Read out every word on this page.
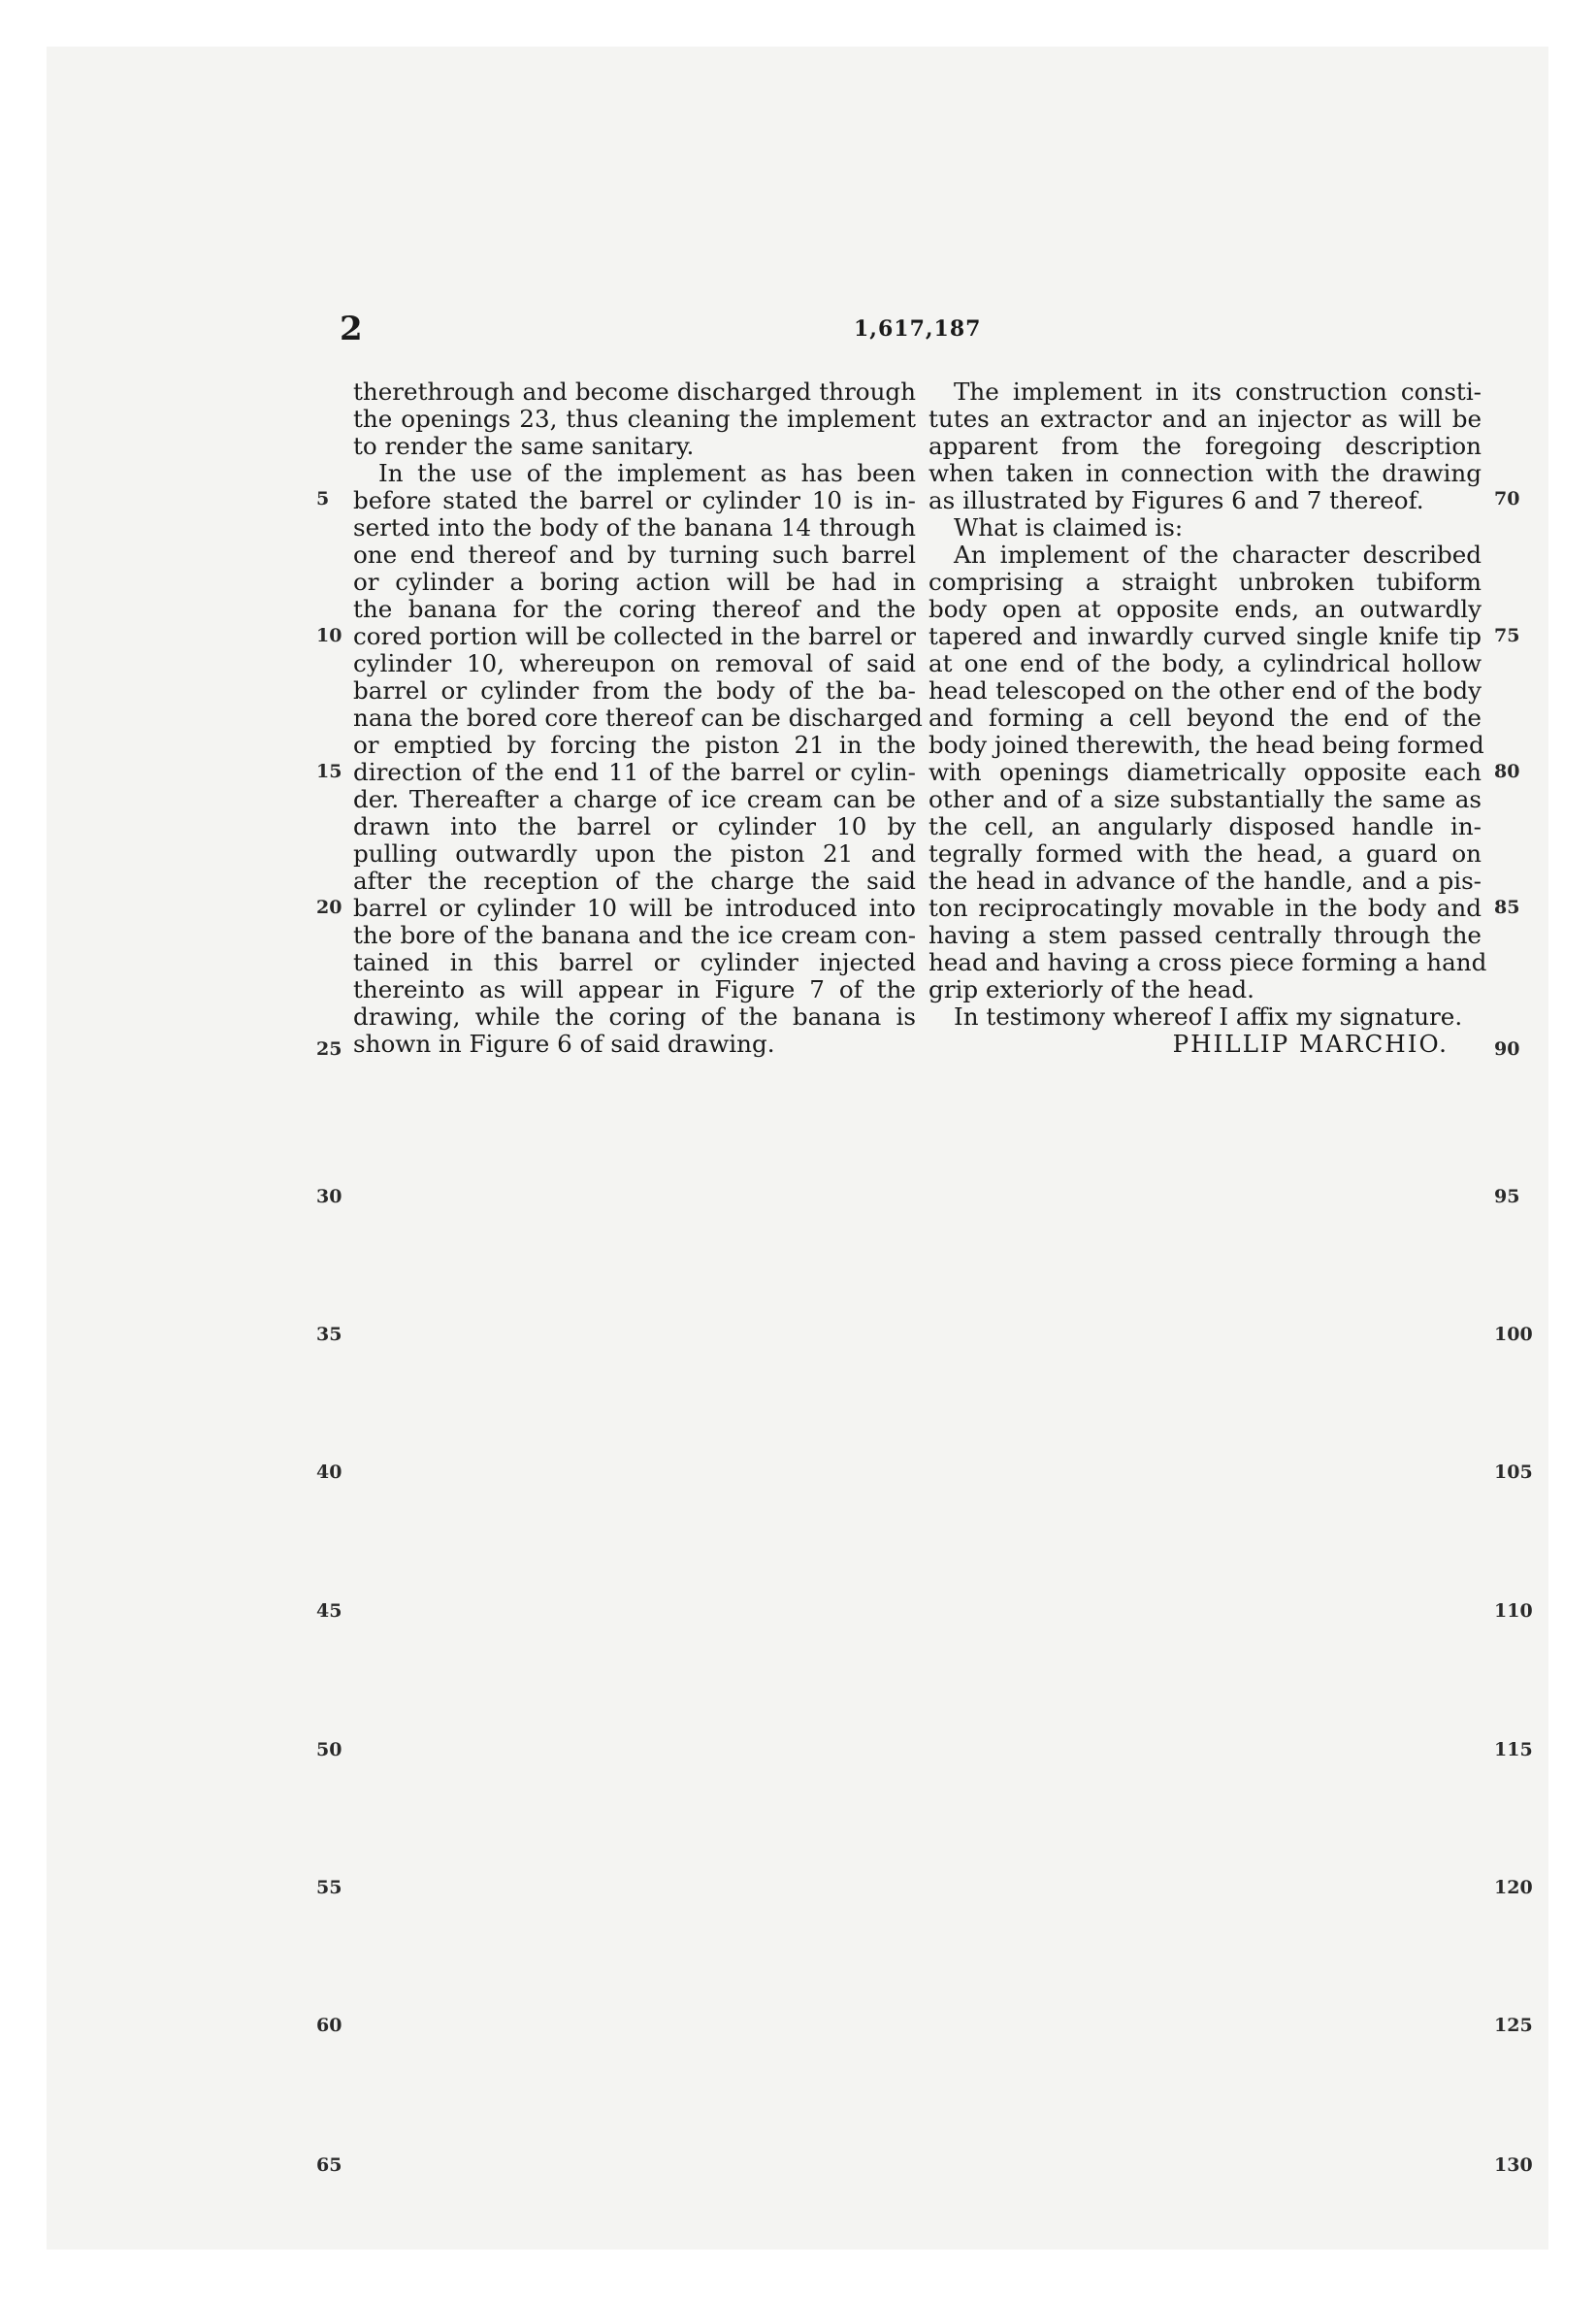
2	1,617,187
therethrough and become discharged through
the openings 23, thus cleaning the implement
to render the same sanitary.
In the use of the implement as has been
before stated the barrel or cylinder 10 is in-
serted into the body of the banana 14 through
one end thereof and by turning such barrel
or cylinder a boring action will be had in
the banana for the coring thereof and the
cored portion will be collected in the barrel or
cylinder 10, whereupon on removal of said
barrel or cylinder from the body of the ba-
nana the bored core thereof can be discharged
or emptied by forcing the piston 21 in the
direction of the end 11 of the barrel or cylin-
der. Thereafter a charge of ice cream can be
drawn into the barrel or cylinder 10 by
pulling outwardly upon the piston 21 and
after the reception of the charge the said
barrel or cylinder 10 will be introduced into
the bore of the banana and the ice cream con-
tained in this barrel or cylinder injected
thereinto as will appear in Figure 7 of the
drawing, while the coring of the banana is
shown in Figure 6 of said drawing.
The implement in its construction consti-
tutes an extractor and an injector as will be
apparent from the foregoing description
when taken in connection with the drawing
as illustrated by Figures 6 and 7 thereof.
What is claimed is:
An implement of the character described
comprising a straight unbroken tubiform
body open at opposite ends, an outwardly
tapered and inwardly curved single knife tip
at one end of the body, a cylindrical hollow
head telescoped on the other end of the body
and forming a cell beyond the end of the
body joined therewith, the head being formed
with openings diametrically opposite each
other and of a size substantially the same as
the cell, an angularly disposed handle in-
tegrally formed with the head, a guard on
the head in advance of the handle, and a pis-
ton reciprocatingly movable in the body and
having a stem passed centrally through the
head and having a cross piece forming a hand
grip exteriorly of the head.
In testimony whereof I affix my signature.
PHILLIP MARCHIO.
5
10
15
20
25
30
35
40
45
50
55
60
65
70
75
80
85
90
95
100
105
110
115
120
125
130
